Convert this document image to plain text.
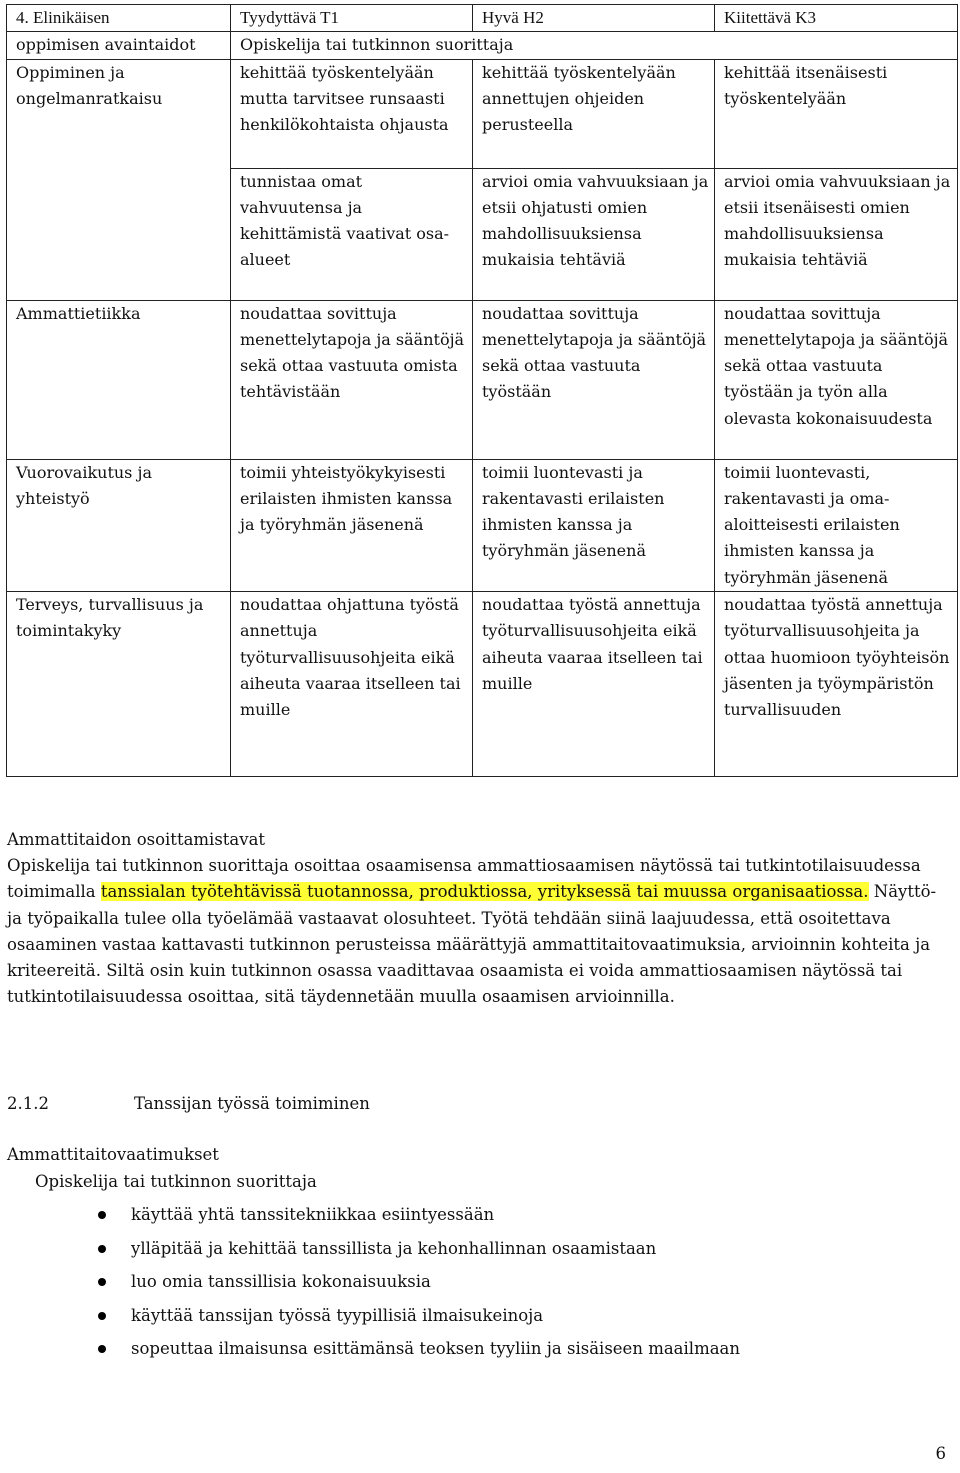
4. Elinikäisen	Tyydyttävä T1	Hyvä H2	Kiitettävä K3
oppimisen avaintaidot	Opiskelija tai tutkinnon suorittaja		
Oppiminen ja ongelmanratkaisu	kehittää työskentelyään mutta tarvitsee runsaasti henkilökohtaista ohjausta	kehittää työskentelyään annettujen ohjeiden perusteella	kehittää itsenäisesti työskentelyään
	tunnistaa omat vahvuutensa ja kehittämistä vaativat osa-alueet	arvioi omia vahvuuksiaan ja etsii ohjatusti omien mahdollisuuksiensa mukaisia tehtäviä	arvioi omia vahvuuksiaan ja etsii itsenäisesti omien mahdollisuuksiensa mukaisia tehtäviä
Ammattietiikka	noudattaa sovittuja menettelytapoja ja sääntöjä sekä ottaa vastuuta omista tehtävistään	noudattaa sovittuja menettelytapoja ja sääntöjä sekä ottaa vastuuta työstään	noudattaa sovittuja menettelytapoja ja sääntöjä sekä ottaa vastuuta työstään ja työn alla olevasta kokonaisuudesta
Vuorovaikutus ja yhteistyö	toimii yhteistyökykyisesti erilaisten ihmisten kanssa ja työryhmän jäsenenä	toimii luontevasti ja rakentavasti erilaisten ihmisten kanssa ja työryhmän jäsenenä	toimii luontevasti, rakentavasti ja oma-aloitteisesti erilaisten ihmisten kanssa ja työryhmän jäsenenä
Terveys, turvallisuus ja toimintakyky	noudattaa ohjattuna työstä annettuja työturvallisuusohjeita eikä aiheuta vaaraa itselleen tai muille	noudattaa työstä annettuja työturvallisuusohjeita eikä aiheuta vaaraa itselleen tai muille	noudattaa työstä annettuja työturvallisuusohjeita ja ottaa huomioon työyhteisön jäsenten ja työympäristön turvallisuuden
Ammattitaidon osoittamistavat
Opiskelija tai tutkinnon suorittaja osoittaa osaamisensa ammattiosaamisen näytössä tai tutkintotilaisuudessa toimimalla tanssialan työtehtävissä tuotannossa, produktiossa, yrityksessä tai muussa organisaatiossa. Näyttö- ja työpaikalla tulee olla työelämää vastaavat olosuhteet. Työtä tehdään siinä laajuudessa, että osoitettava osaaminen vastaa kattavasti tutkinnon perusteissa määrättyjä ammattitaitovaatimuksia, arvioinnin kohteita ja kriteereitä. Siltä osin kuin tutkinnon osassa vaadittavaa osaamista ei voida ammattiosaamisen näytössä tai tutkintotilaisuudessa osoittaa, sitä täydennetään muulla osaamisen arvioinnilla.
2.1.2	Tanssijan työssä toimiminen
Ammattitaitovaatimukset
Opiskelija tai tutkinnon suorittaja
käyttää yhtä tanssitekniikkaa esiintyessään
ylläpitää ja kehittää tanssillista ja kehonhallinnan osaamistaan
luo omia tanssillisia kokonaisuuksia
käyttää tanssijan työssä tyypillisiä ilmaisukeinoja
sopeuttaa ilmaisunsa esittämänsä teoksen tyyliin ja sisäiseen maailmaan
6
